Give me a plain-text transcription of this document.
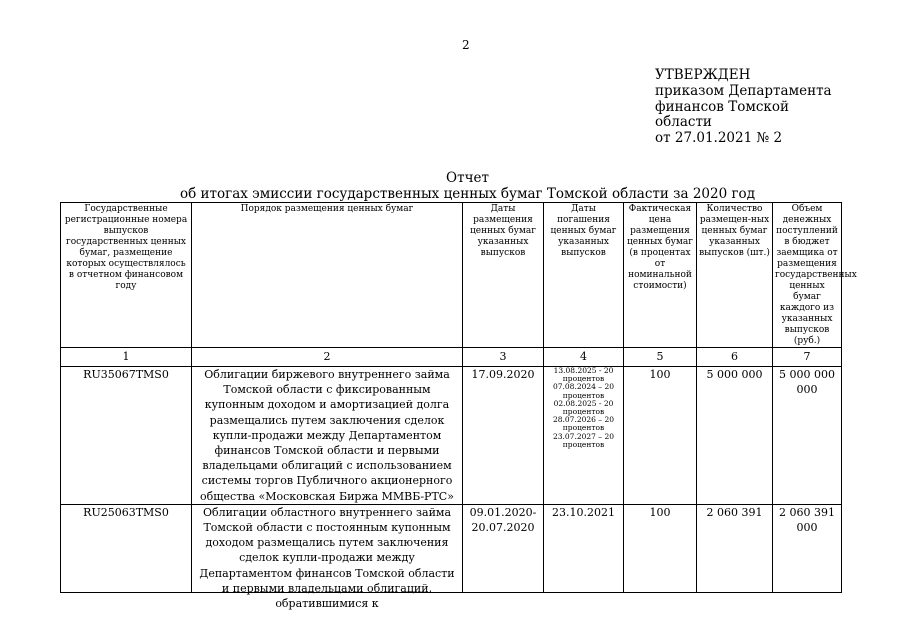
2
УТВЕРЖДЕН
приказом Департамента
финансов Томской
области
от 27.01.2021 № 2
Отчет
об итогах эмиссии государственных ценных бумаг Томской области за 2020 год
Государственные регистрационные номера выпусков государственных ценных бумаг, размещение которых осуществлялось в отчетном финансовом году	Порядок размещения ценных бумаг	Даты размещения ценных бумаг указанных выпусков	Даты погашения ценных бумаг указанных выпусков	Фактическая цена размещения ценных бумаг (в процентах от номинальной стоимости)	Количество размещен-ных ценных бумаг указанных выпусков (шт.)	Объем денежных поступлений в бюджет заемщика от размещения государственных ценных бумаг каждого из указанных выпусков (руб.)
1	2	3	4	5	6	7
RU35067TMS0	Облигации биржевого внутреннего займа Томской области с фиксированным купонным доходом и амортизацией долга размещались путем заключения сделок купли-продажи между Департаментом финансов Томской области и первыми владельцами облигаций с использованием системы торгов Публичного акционерного общества «Московская Биржа ММВБ-РТС»	17.09.2020	13.08.2025 - 20 процентов 07.08.2024 – 20 процентов 02.08.2025 - 20 процентов 28.07.2026 – 20 процентов 23.07.2027 – 20 процентов	100	5 000 000	5 000 000 000
RU25063TMS0	Облигации областного внутреннего займа Томской области с постоянным купонным доходом размещались путем заключения сделок купли-продажи между Департаментом финансов Томской области и первыми владельцами облигаций, обратившимися к	09.01.2020-20.07.2020	23.10.2021	100	2 060 391	2 060 391 000
